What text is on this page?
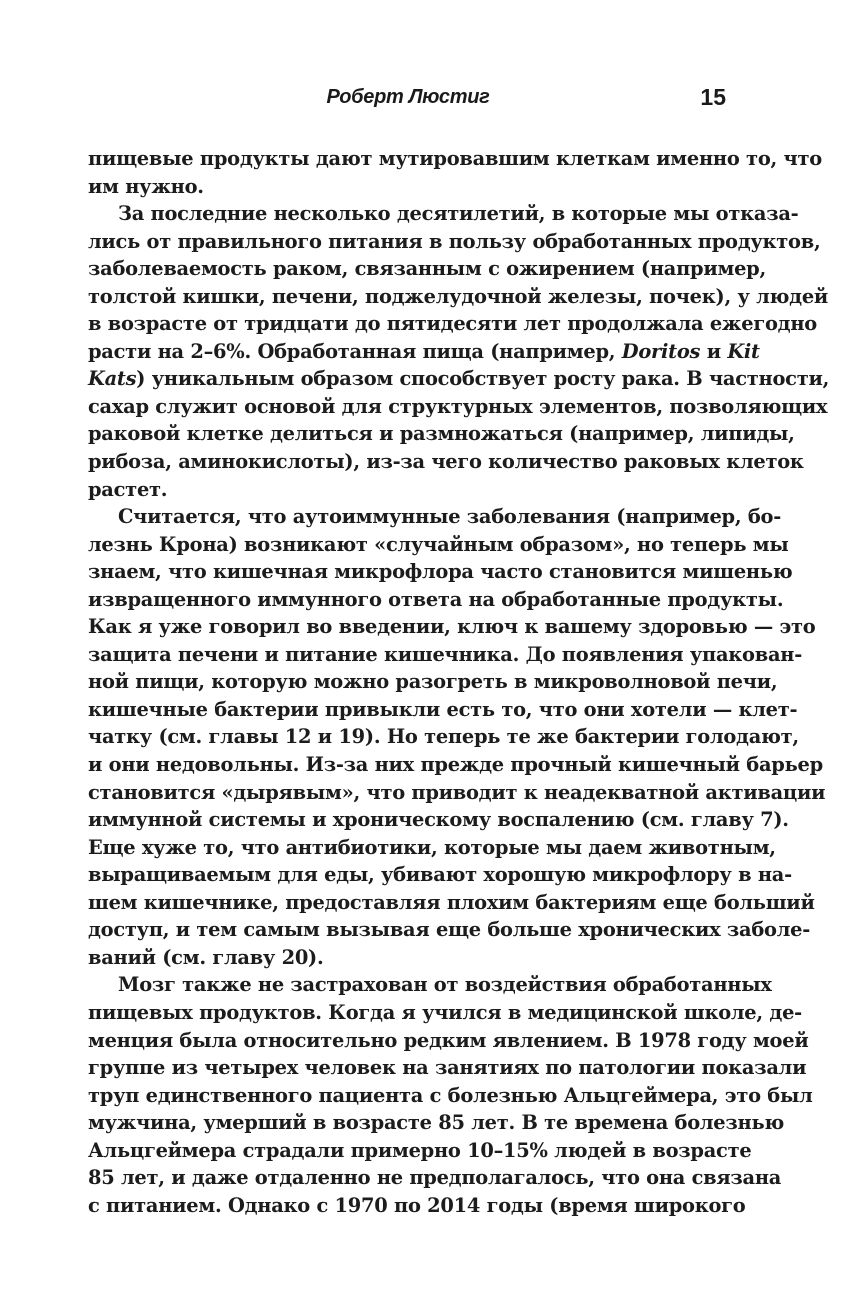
Роберт Люстиг	15
пищевые продукты дают мутировавшим клеткам именно то, что
им нужно.
За последние несколько десятилетий, в которые мы отказа-
лись от правильного питания в пользу обработанных продуктов,
заболеваемость раком, связанным с ожирением (например,
толстой кишки, печени, поджелудочной железы, почек), у людей
в возрасте от тридцати до пятидесяти лет продолжала ежегодно
расти на 2–6%. Обработанная пища (например, Doritos и Kit
Kats) уникальным образом способствует росту рака. В частности,
сахар служит основой для структурных элементов, позволяющих
раковой клетке делиться и размножаться (например, липиды,
рибоза, аминокислоты), из-за чего количество раковых клеток
растет.
Считается, что аутоиммунные заболевания (например, бо-
лезнь Крона) возникают «случайным образом», но теперь мы
знаем, что кишечная микрофлора часто становится мишенью
извращенного иммунного ответа на обработанные продукты.
Как я уже говорил во введении, ключ к вашему здоровью — это
защита печени и питание кишечника. До появления упакован-
ной пищи, которую можно разогреть в микроволновой печи,
кишечные бактерии привыкли есть то, что они хотели — клет-
чатку (см. главы 12 и 19). Но теперь те же бактерии голодают,
и они недовольны. Из-за них прежде прочный кишечный барьер
становится «дырявым», что приводит к неадекватной активации
иммунной системы и хроническому воспалению (см. главу 7).
Еще хуже то, что антибиотики, которые мы даем животным,
выращиваемым для еды, убивают хорошую микрофлору в на-
шем кишечнике, предоставляя плохим бактериям еще больший
доступ, и тем самым вызывая еще больше хронических заболе-
ваний (см. главу 20).
Мозг также не застрахован от воздействия обработанных
пищевых продуктов. Когда я учился в медицинской школе, де-
менция была относительно редким явлением. В 1978 году моей
группе из четырех человек на занятиях по патологии показали
труп единственного пациента с болезнью Альцгеймера, это был
мужчина, умерший в возрасте 85 лет. В те времена болезнью
Альцгеймера страдали примерно 10–15% людей в возрасте
85 лет, и даже отдаленно не предполагалось, что она связана
с питанием. Однако с 1970 по 2014 годы (время широкого
